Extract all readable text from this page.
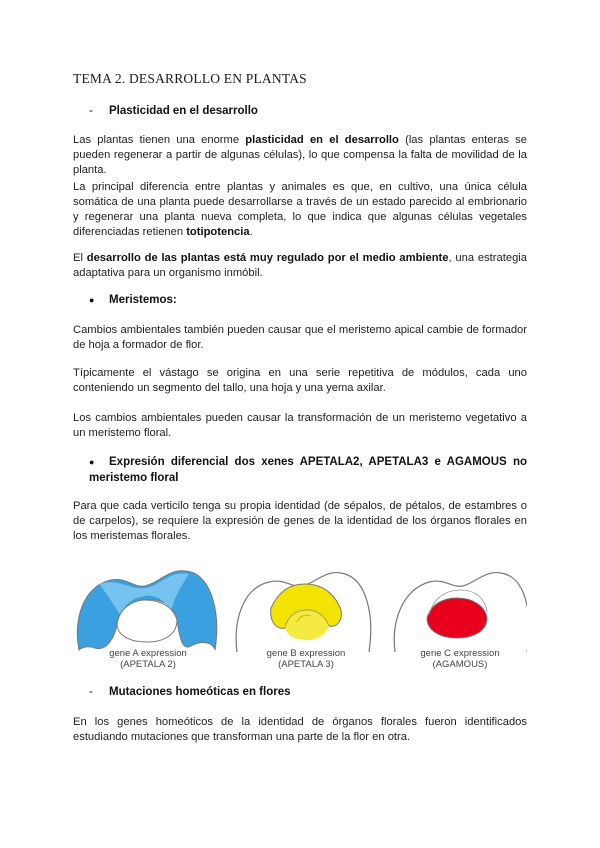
TEMA 2. DESARROLLO EN PLANTAS
- Plasticidad en el desarrollo
Las plantas tienen una enorme plasticidad en el desarrollo (las plantas enteras se pueden regenerar a partir de algunas células), lo que compensa la falta de movilidad de la planta.
La principal diferencia entre plantas y animales es que, en cultivo, una única célula somática de una planta puede desarrollarse a través de un estado parecido al embrionario y regenerar una planta nueva completa, lo que indica que algunas células vegetales diferenciadas retienen totipotencia.
El desarrollo de las plantas está muy regulado por el medio ambiente, una estrategia adaptativa para un organismo inmóbil.
● Meristemos:
Cambios ambientales también pueden causar que el meristemo apical cambie de formador de hoja a formador de flor.
Típicamente el vástago se origina en una serie repetitiva de módulos, cada uno conteniendo un segmento del tallo, una hoja y una yema axilar.
Los cambios ambientales pueden causar la transformación de un meristemo vegetativo a un meristemo floral.
● Expresión diferencial dos xenes APETALA2, APETALA3 e AGAMOUS no meristemo floral
Para que cada verticilo tenga su propia identidad (de sépalos, de pétalos, de estambres o de carpelos), se requiere la expresión de genes de la identidad de los órganos florales en los meristemas florales.
gene A expression
(APETALA 2)
gene B expression
(APETALA 3)
gene C expression
(AGAMOUS)
- Mutaciones homeóticas en flores
En los genes homeóticos de la identidad de órganos florales fueron identificados estudiando mutaciones que transforman una parte de la flor en otra.
